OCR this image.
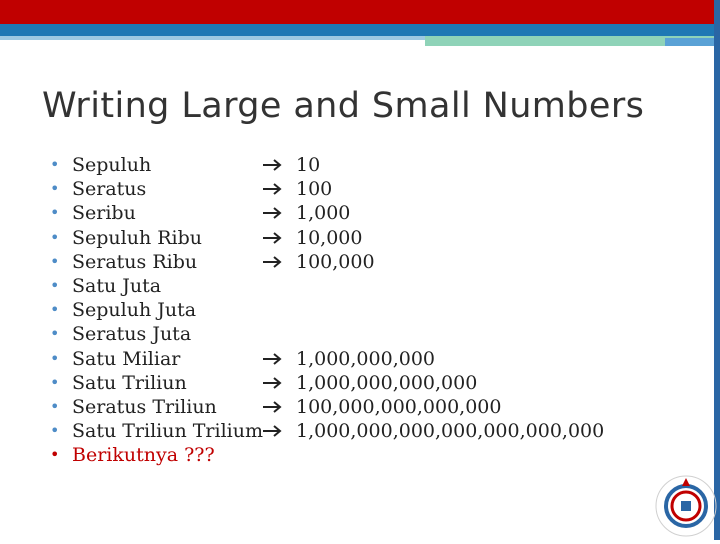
Writing Large and Small Numbers
• Sepuluh	10
• Seratus	100
• Seribu	1,000
• Sepuluh Ribu	10,000
• Seratus Ribu	100,000
• Satu Juta
• Sepuluh Juta
• Seratus Juta
• Satu Miliar	1,000,000,000
• Satu Triliun	1,000,000,000,000
• Seratus Triliun	100,000,000,000,000
• Satu Triliun Trilium 1,000,000,000,000,000,000,000
• Berikutnya ???
